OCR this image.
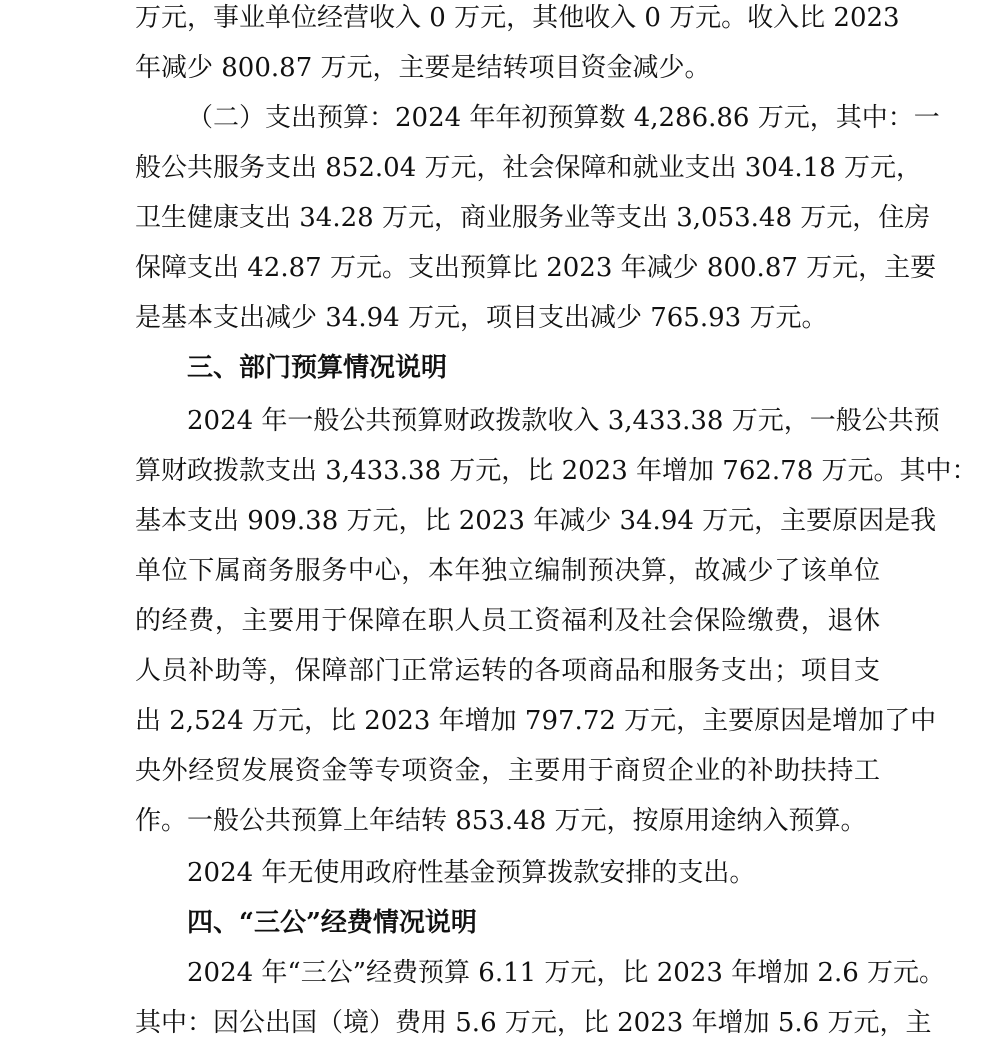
万元，事业单位经营收入 0 万元，其他收入 0 万元。收入比 2023
年减少 800.87 万元，主要是结转项目资金减少。
（二）支出预算：2024 年年初预算数 4,286.86 万元，其中：一
般公共服务支出 852.04 万元，社会保障和就业支出 304.18 万元，
卫生健康支出 34.28 万元，商业服务业等支出 3,053.48 万元，住房
保障支出 42.87 万元。支出预算比 2023 年减少 800.87 万元，主要
是基本支出减少 34.94 万元，项目支出减少 765.93 万元。
三、部门预算情况说明
2024 年一般公共预算财政拨款收入 3,433.38 万元，一般公共预
算财政拨款支出 3,433.38 万元，比 2023 年增加 762.78 万元。其中：
基本支出 909.38 万元，比 2023 年减少 34.94 万元，主要原因是我
单位下属商务服务中心，本年独立编制预决算，故减少了该单位
的经费，主要用于保障在职人员工资福利及社会保险缴费，退休
人员补助等，保障部门正常运转的各项商品和服务支出；项目支
出 2,524 万元，比 2023 年增加 797.72 万元，主要原因是增加了中
央外经贸发展资金等专项资金，主要用于商贸企业的补助扶持工
作。一般公共预算上年结转 853.48 万元，按原用途纳入预算。
2024 年无使用政府性基金预算拨款安排的支出。
四、“三公”经费情况说明
2024 年“三公”经费预算 6.11 万元，比 2023 年增加 2.6 万元。
其中：因公出国（境）费用 5.6 万元，比 2023 年增加 5.6 万元，主
